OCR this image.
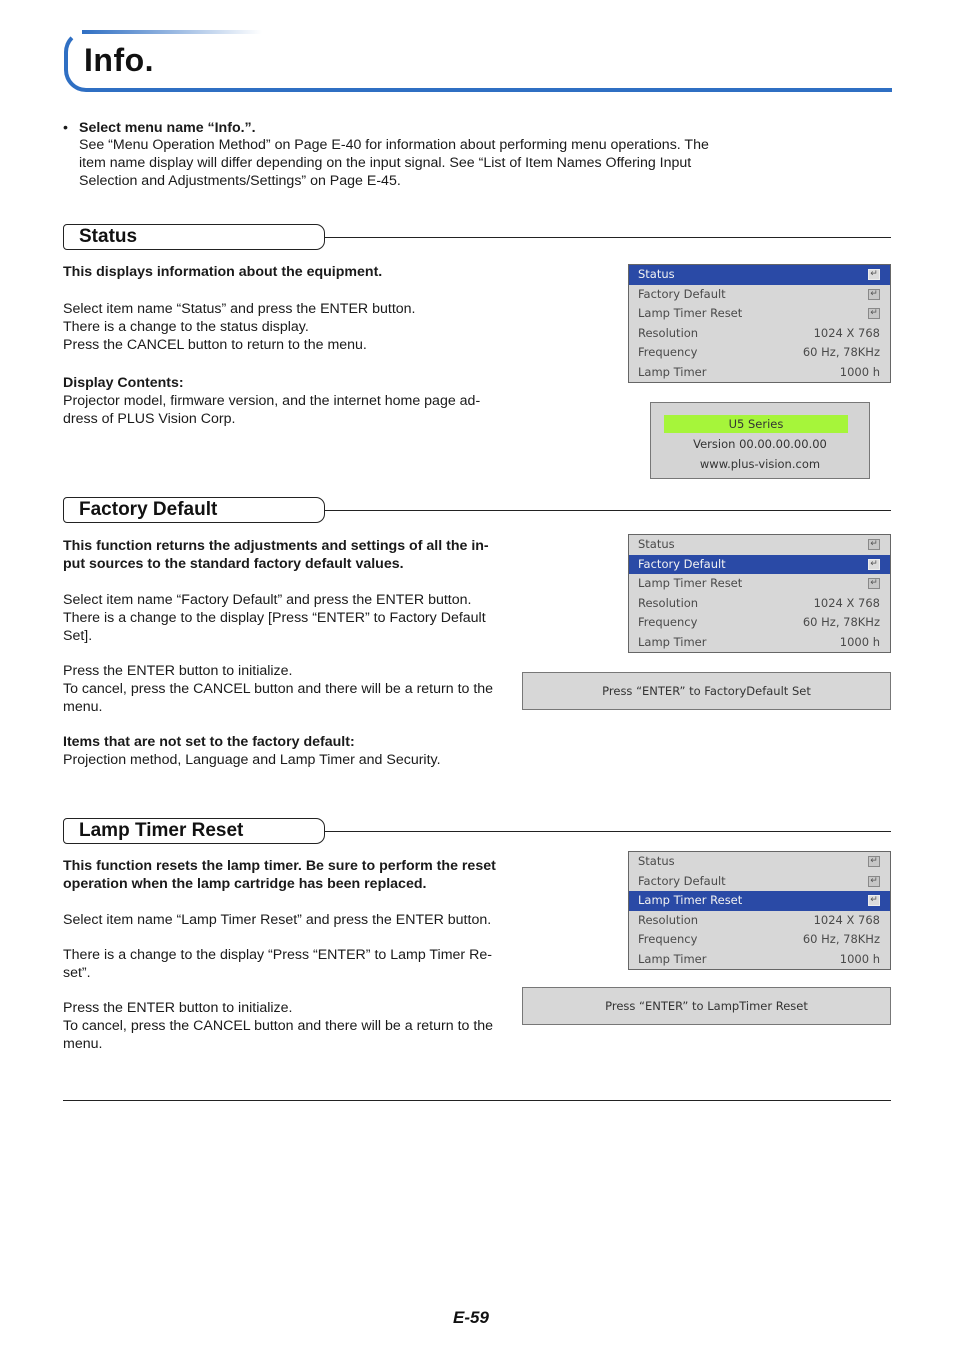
Info.
• Select menu name “Info.”.
See “Menu Operation Method” on Page E-40 for information about performing menu operations. The
item name display will differ depending on the input signal. See “List of Item Names Offering Input
Selection and Adjustments/Settings” on Page E-45.
Status
This displays information about the equipment.
Select item name “Status” and press the ENTER button.
There is a change to the status display.
Press the CANCEL button to return to the menu.
Display Contents:
Projector model, firmware version, and the internet home page ad-
dress of PLUS Vision Corp.
Status	↵
Factory Default	↵
Lamp Timer Reset	↵
Resolution	1024 X 768
Frequency	60 Hz, 78KHz
Lamp Timer	1000 h
U5 Series
Version 00.00.00.00.00
www.plus-vision.com
Factory Default
This function returns the adjustments and settings of all the in-
put sources to the standard factory default values.
Select item name “Factory Default” and press the ENTER button.
There is a change to the display [Press “ENTER” to Factory Default
Set].
Press the ENTER button to initialize.
To cancel, press the CANCEL button and there will be a return to the
menu.
Items that are not set to the factory default:
Projection method, Language and Lamp Timer and Security.
Status	↵
Factory Default	↵
Lamp Timer Reset	↵
Resolution	1024 X 768
Frequency	60 Hz, 78KHz
Lamp Timer	1000 h
Press “ENTER” to FactoryDefault Set
Lamp Timer Reset
This function resets the lamp timer. Be sure to perform the reset
operation when the lamp cartridge has been replaced.
Select item name “Lamp Timer Reset” and press the ENTER button.
There is a change to the display “Press “ENTER” to Lamp Timer Re-
set”.
Press the ENTER button to initialize.
To cancel, press the CANCEL button and there will be a return to the
menu.
Status	↵
Factory Default	↵
Lamp Timer Reset	↵
Resolution	1024 X 768
Frequency	60 Hz, 78KHz
Lamp Timer	1000 h
Press “ENTER” to LampTimer Reset
E-59
